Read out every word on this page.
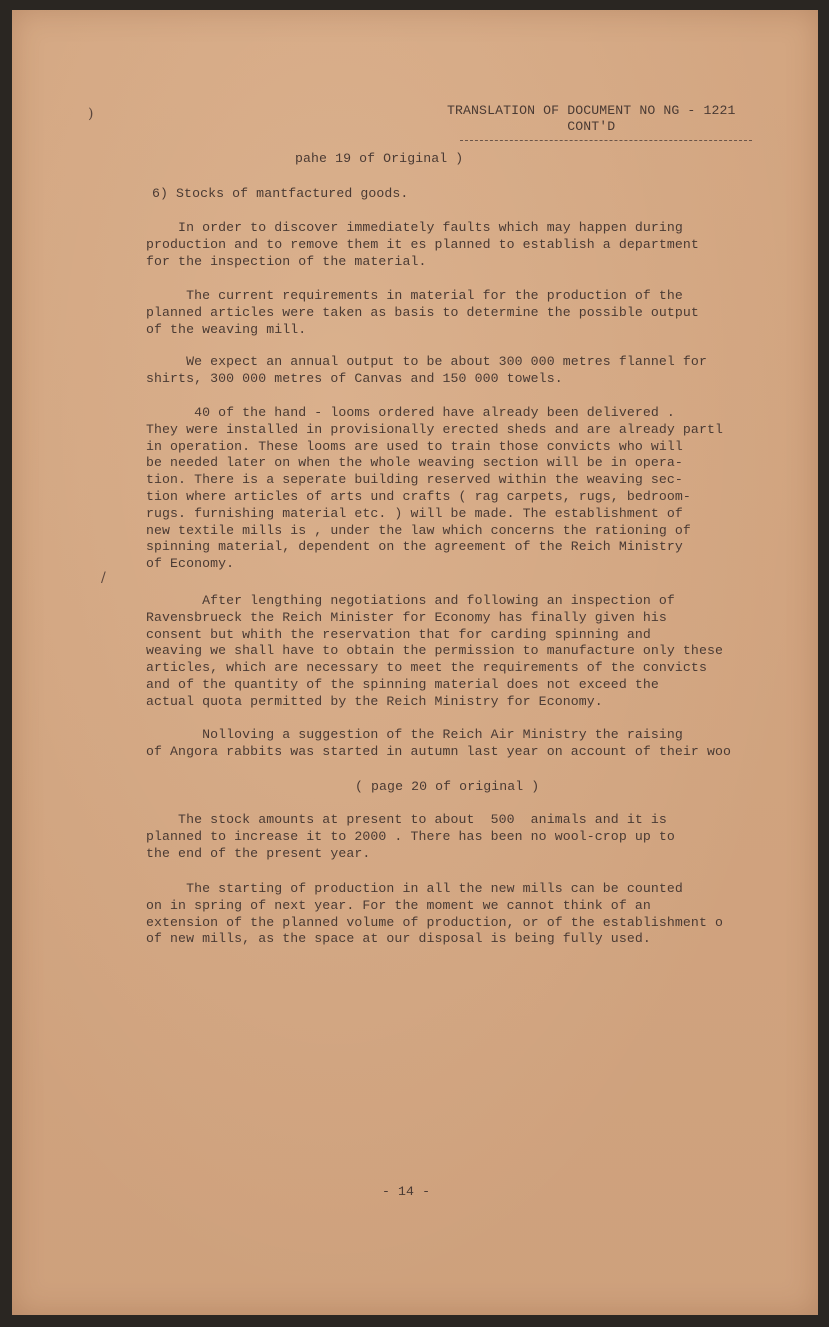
)
/
TRANSLATION OF DOCUMENT NO NG - 1221
CONT'D

pahe 19 of Original )

6) Stocks of mantfactured goods.

In order to discover immediately faults which may happen during
production and to remove them it es planned to establish a department
for the inspection of the material.

The current requirements in material for the production of the
planned articles were taken as basis to determine the possible output
of the weaving mill.

We expect an annual output to be about 300 000 metres flannel for
shirts, 300 000 metres of Canvas and 150 000 towels.

40 of the hand - looms ordered have already been delivered .
They were installed in provisionally erected sheds and are already partl
in operation. These looms are used to train those convicts who will
be needed later on when the whole weaving section will be in opera-
tion. There is a seperate building reserved within the weaving sec-
tion where articles of arts und crafts ( rag carpets, rugs, bedroom-
rugs. furnishing material etc. ) will be made. The establishment of
new textile mills is , under the law which concerns the rationing of
spinning material, dependent on the agreement of the Reich Ministry
of Economy.

After lengthing negotiations and following an inspection of
Ravensbrueck the Reich Minister for Economy has finally given his
consent but whith the reservation that for carding spinning and
weaving we shall have to obtain the permission to manufacture only these
articles, which are necessary to meet the requirements of the convicts
and of the quantity of the spinning material does not exceed the
actual quota permitted by the Reich Ministry for Economy.

Nolloving a suggestion of the Reich Air Ministry the raising
of Angora rabbits was started in autumn last year on account of their woo

( page 20 of original )

The stock amounts at present to about  500  animals and it is
planned to increase it to 2000 . There has been no wool-crop up to
the end of the present year.

The starting of production in all the new mills can be counted
on in spring of next year. For the moment we cannot think of an
extension of the planned volume of production, or of the establishment o
of new mills, as the space at our disposal is being fully used.

- 14 -
